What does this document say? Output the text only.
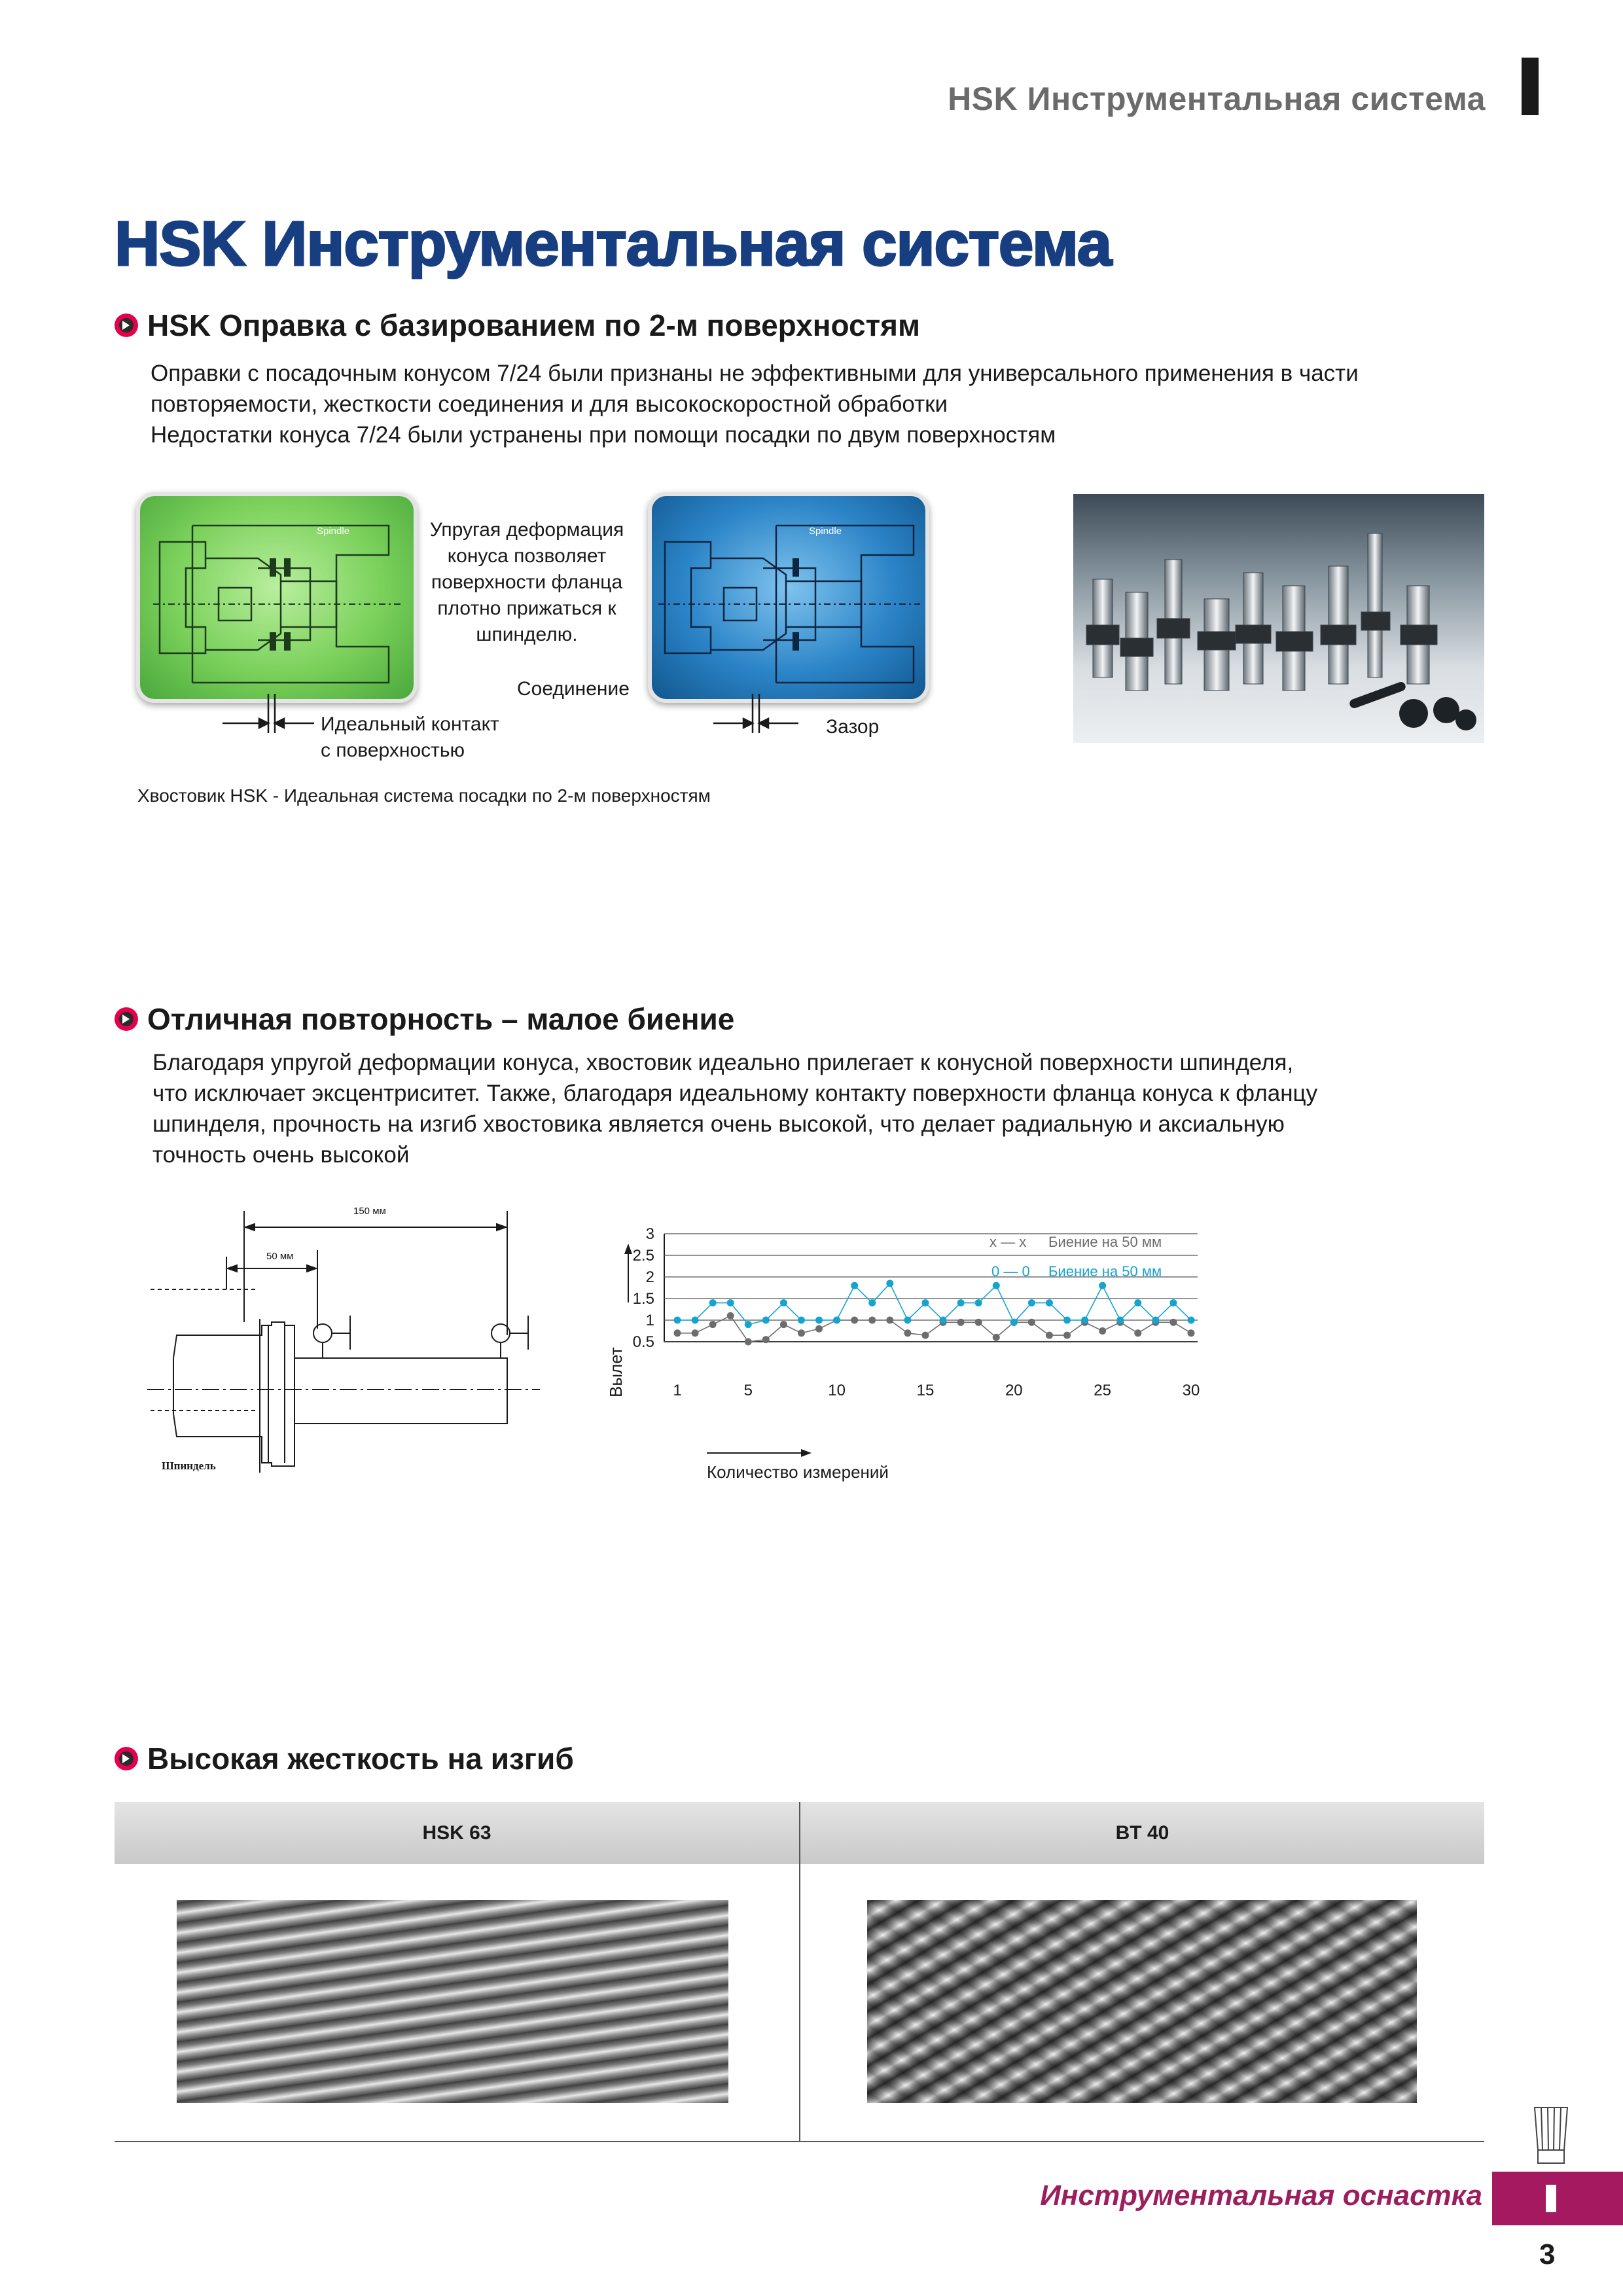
HSK Инструментальная система
HSK Инструментальная система
HSK Оправка с базированием по 2-м поверхностям
Оправки с посадочным конусом 7/24 были признаны не эффективными для универсального применения в части
повторяемости, жесткости соединения и для высокоскоростной обработки
Недостатки конуса 7/24 были устранены при помощи посадки по двум поверхностям
Spindle	Spindle
Упругая деформация
конуса позволяет
поверхности фланца
плотно прижаться к
шпинделю.
Соединение
Идеальный контакт
с поверхностью
Зазор
Хвостовик HSK - Идеальная система посадки по 2-м поверхностям
Отличная повторность – малое биение
Благодаря упругой деформации конуса, хвостовик идеально прилегает к конусной поверхности шпинделя,
что исключает эксцентриситет. Также, благодаря идеальному контакту поверхности фланца конуса к фланцу
шпинделя, прочность на изгиб хвостовика является очень высокой, что делает радиальную и аксиальную
точность очень высокой
150 мм
50 мм
Шпиндель
0.5
1
1.5
2
2.5
3
1	5	10	15	20	25	30
Количество измерений
Вылет
x — x Биение на 50 мм
0 — 0 Биение на 50 мм
Высокая жесткость на изгиб
HSK 63	BT 40
Инструментальная оснастка
3
